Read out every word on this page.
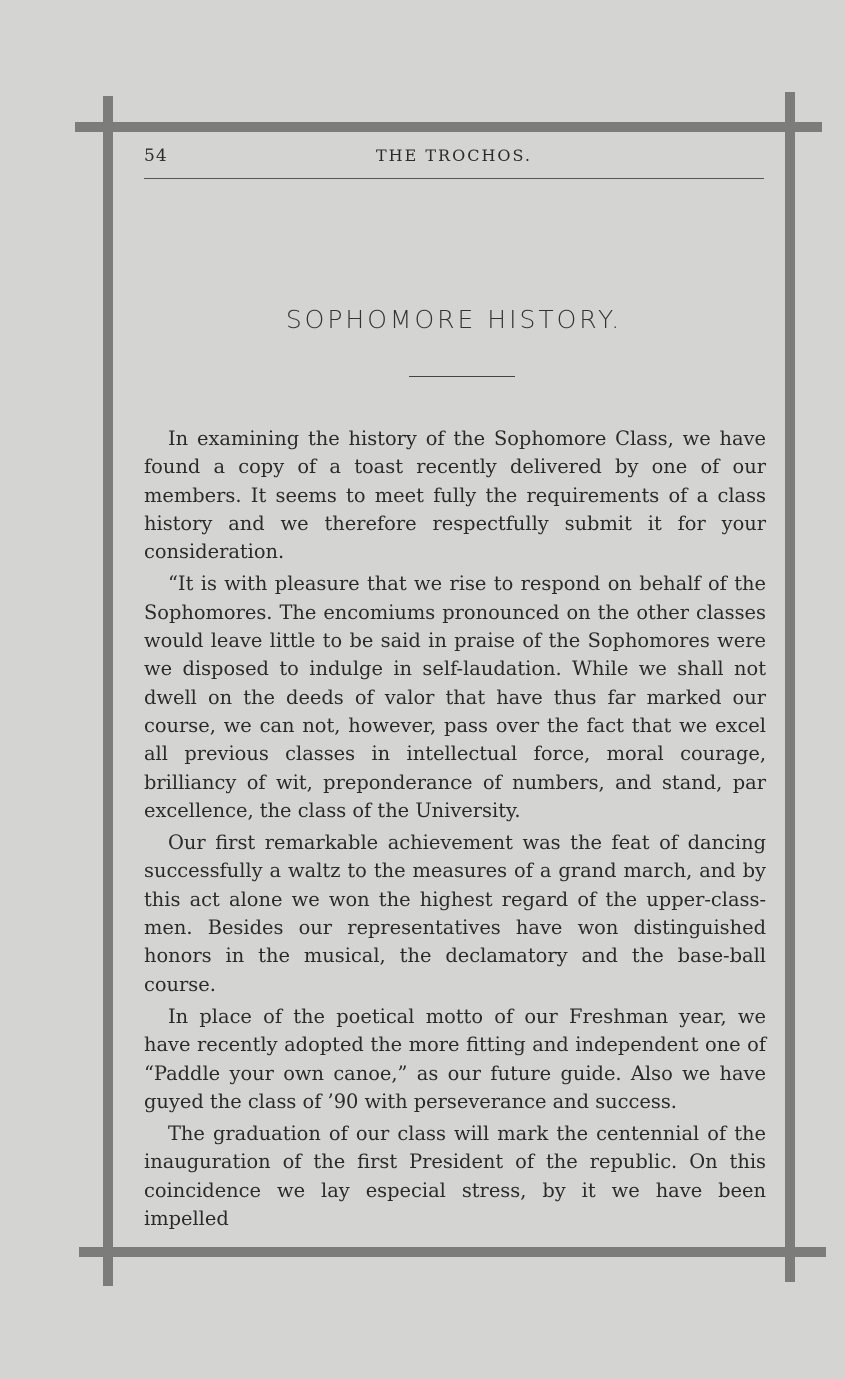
54	THE TROCHOS.
SOPHOMORE HISTORY.

In examining the history of the Sophomore Class, we have found a copy of a toast recently delivered by one of our members. It seems to meet fully the requirements of a class history and we therefore respectfully submit it for your consideration.

“It is with pleasure that we rise to respond on behalf of the Sophomores. The encomiums pronounced on the other classes would leave little to be said in praise of the Sophomores were we disposed to indulge in self-laudation. While we shall not dwell on the deeds of valor that have thus far marked our course, we can not, however, pass over the fact that we excel all previous classes in intellectual force, moral courage, brilliancy of wit, preponderance of numbers, and stand, par excellence, the class of the University.

Our first remarkable achievement was the feat of dancing successfully a waltz to the measures of a grand march, and by this act alone we won the highest regard of the upper-class-men. Besides our representatives have won distinguished honors in the musical, the declamatory and the base-ball course.

In place of the poetical motto of our Freshman year, we have recently adopted the more fitting and independent one of “Paddle your own canoe,” as our future guide. Also we have guyed the class of ’90 with perseverance and success.

The graduation of our class will mark the centennial of the inauguration of the first President of the republic. On this coincidence we lay especial stress, by it we have been impelled
